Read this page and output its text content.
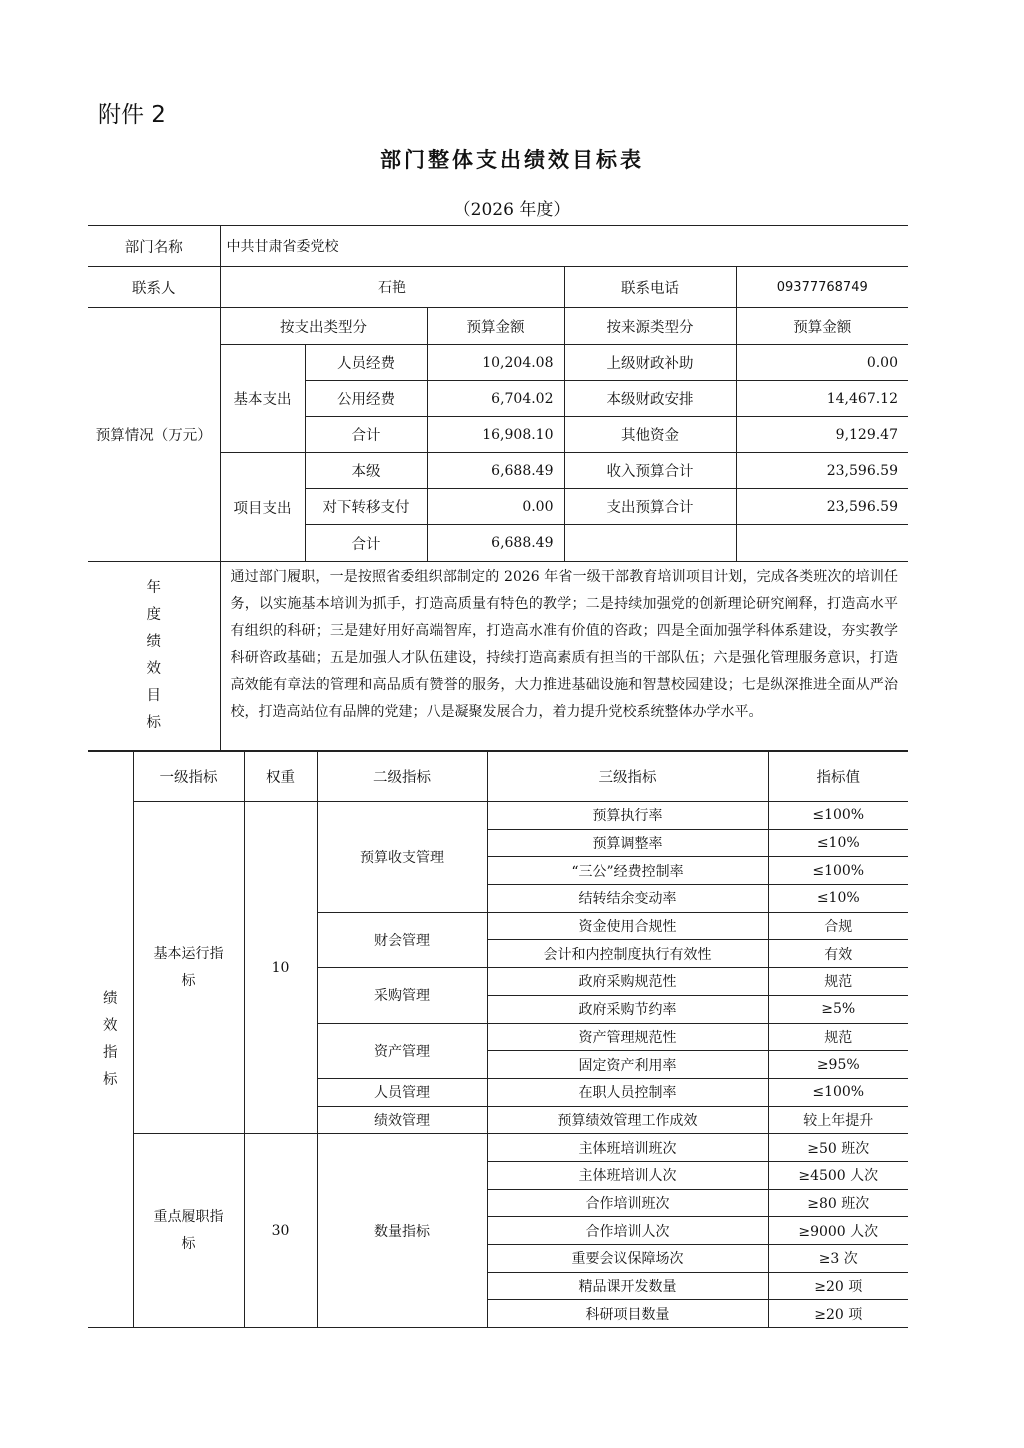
附件 2
部门整体支出绩效目标表
（2026 年度）
部门名称	中共甘肃省委党校				
联系人	石艳			联系电话	09377768749
预算情况（万元）	按支出类型分		预算金额	按来源类型分	预算金额
	基本支出	人员经费	10,204.08	上级财政补助	0.00
		公用经费	6,704.02	本级财政安排	14,467.12
		合计	16,908.10	其他资金	9,129.47
	项目支出	本级	6,688.49	收入预算合计	23,596.59
		对下转移支付	0.00	支出预算合计	23,596.59
		合计	6,688.49		
年度绩效目标	通过部门履职，一是按照省委组织部制定的 2026 年省一级干部教育培训项目计划，完成各类班次的培训任务，以实施基本培训为抓手，打造高质量有特色的教学；二是持续加强党的创新理论研究阐释，打造高水平有组织的科研；三是建好用好高端智库，打造高水准有价值的咨政；四是全面加强学科体系建设，夯实教学科研咨政基础；五是加强人才队伍建设，持续打造高素质有担当的干部队伍；六是强化管理服务意识，打造高效能有章法的管理和高品质有赞誉的服务，大力推进基础设施和智慧校园建设；七是纵深推进全面从严治校，打造高站位有品牌的党建；八是凝聚发展合力，着力提升党校系统整体办学水平。				
绩效指标	一级指标	权重	二级指标	三级指标	指标值
	基本运行指标	10	预算收支管理	预算执行率	≤100%
				预算调整率	≤10%
				“三公”经费控制率	≤100%
				结转结余变动率	≤10%
			财会管理	资金使用合规性	合规
				会计和内控制度执行有效性	有效
			采购管理	政府采购规范性	规范
				政府采购节约率	≥5%
			资产管理	资产管理规范性	规范
				固定资产利用率	≥95%
			人员管理	在职人员控制率	≤100%
			绩效管理	预算绩效管理工作成效	较上年提升
	重点履职指标	30	数量指标	主体班培训班次	≥50 班次
				主体班培训人次	≥4500 人次
				合作培训班次	≥80 班次
				合作培训人次	≥9000 人次
				重要会议保障场次	≥3 次
				精品课开发数量	≥20 项
				科研项目数量	≥20 项
